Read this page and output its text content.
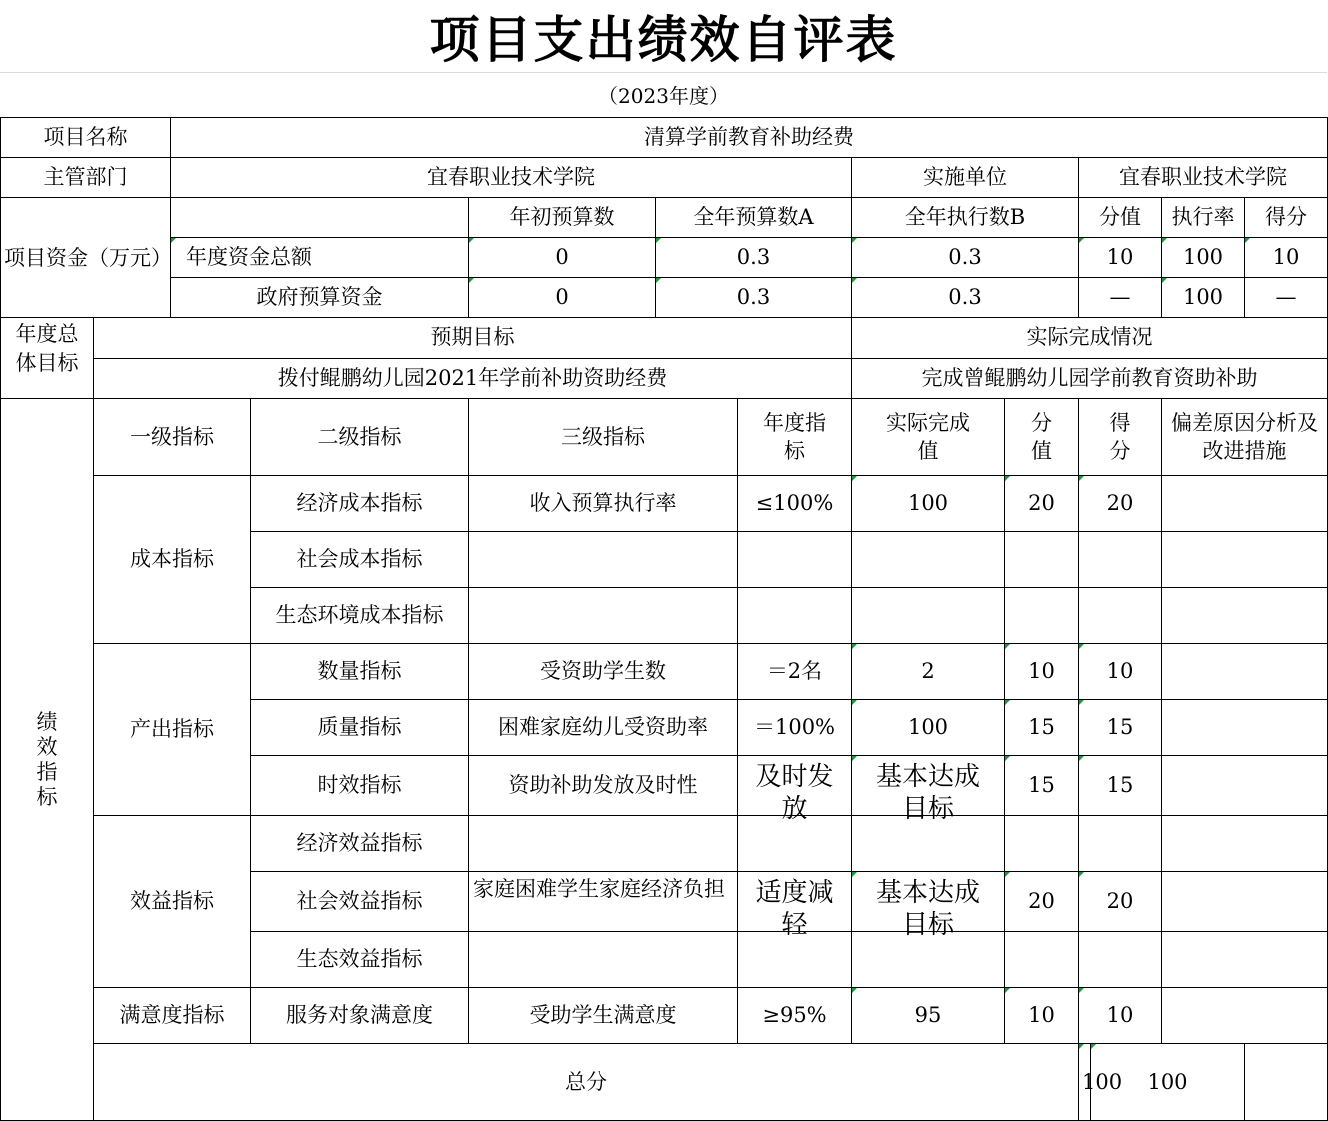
项目支出绩效自评表
（2023年度）
项目名称		清算学前教育补助经费										
主管部门		宜春职业技术学院					实施单位		宜春职业技术学院			
项目资金（万元）				年初预算数	全年预算数A		全年执行数B		分值		执行率	得分
		年度资金总额		0	0.3		0.3		10		100	10
		政府预算资金		0	0.3		0.3		—		100	—

年度总体目标	预期目标						实际完成情况					
	拨付鲲鹏幼儿园2021年学前补助资助经费						完成曾鲲鹏幼儿园学前教育资助补助					
绩效指标	一级指标		二级指标	三级指标		年度指标	实际完成值	分值	得分		偏差原因分析及改进措施	
	成本指标		经济成本指标	收入预算执行率		≤100%	100	20	20			
			社会成本指标									
			生态环境成本指标									
	产出指标		数量指标	受资助学生数		＝2名	2	10	10			
			质量指标	困难家庭幼儿受资助率		＝100%	100	15	15			
			时效指标	资助补助发放及时性		及时发放	基本达成目标	15	15			
	效益指标		经济效益指标									
			社会效益指标	家庭困难学生家庭经济负担		适度减轻	基本达成目标	20	20			
			生态效益指标									
	满意度指标		服务对象满意度	受助学生满意度		≥95%	95	10	10			
	总分								100	100		
